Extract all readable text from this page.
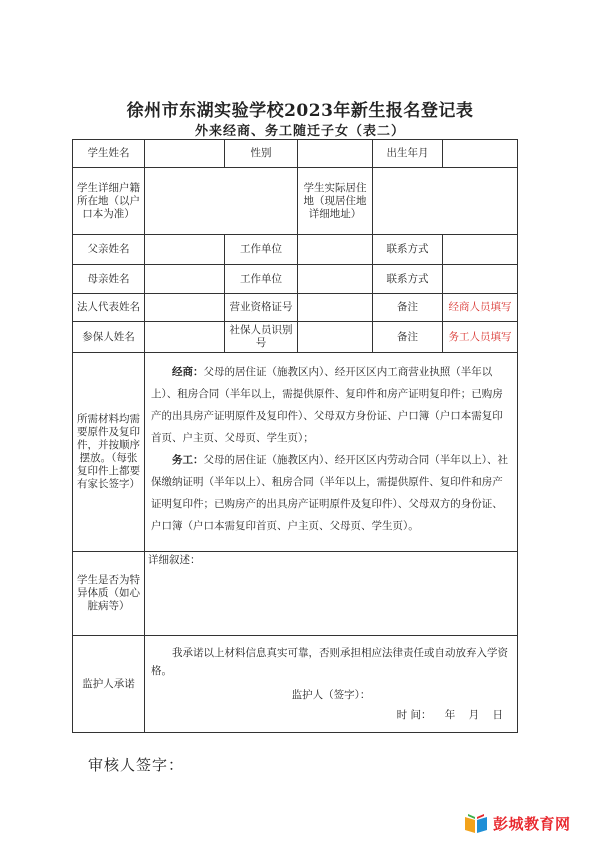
徐州市东湖实验学校2023年新生报名登记表
外来经商、务工随迁子女（表二）
学生姓名		性别		出生年月	
学生详细户籍所在地（以户口本为准）			学生实际居住地（现居住地详细地址）		
父亲姓名		工作单位		联系方式	
母亲姓名		工作单位		联系方式	
法人代表姓名		营业资格证号		备注	经商人员填写
参保人姓名		社保人员识别号		备注	务工人员填写
所需材料均需要原件及复印件，并按顺序摆放。（每张复印件上都要有家长签字）	经商：父母的居住证（施教区内）、经开区区内工商营业执照（半年以上）、租房合同（半年以上，需提供原件、复印件和房产证明复印件；已购房产的出具房产证明原件及复印件）、父母双方身份证、户口簿（户口本需复印首页、户主页、父母页、学生页）；
务工：父母的居住证（施教区内）、经开区区内劳动合同（半年以上）、社保缴纳证明（半年以上）、租房合同（半年以上，需提供原件、复印件和房产证明复印件；已购房产的出具房产证明原件及复印件）、父母双方的身份证、户口簿（户口本需复印首页、户主页、父母页、学生页）。				

学生是否为特异体质（如心脏病等）	详细叙述：				
监护人承诺	我承诺以上材料信息真实可靠，否则承担相应法律责任或自动放弃入学资格。
监护人（签字）：
时 间：    年    月    日				
审核人签字：
彭城教育网
